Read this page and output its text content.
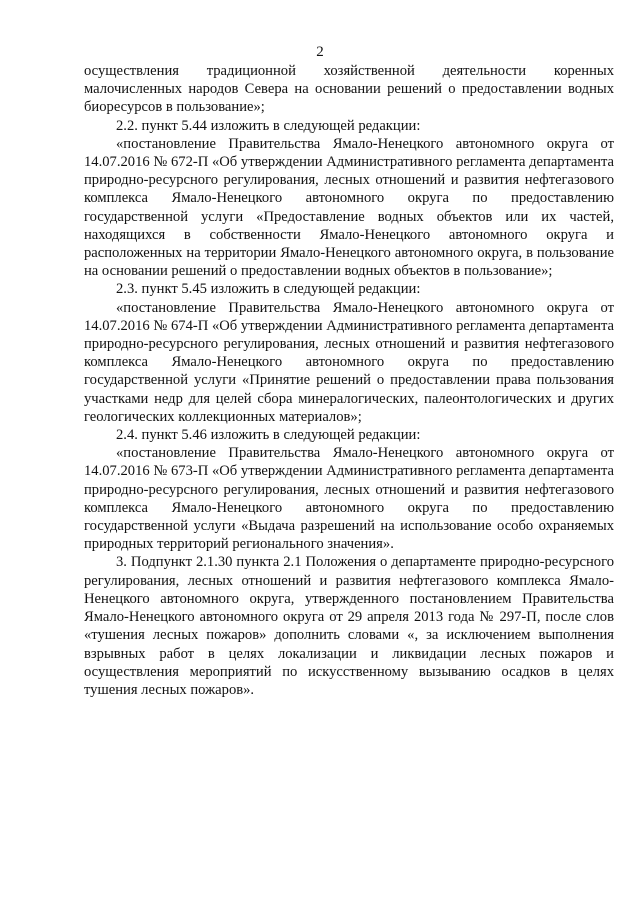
2

осуществления традиционной хозяйственной деятельности коренных малочисленных народов Севера на основании решений о предоставлении водных биоресурсов в пользование»;

2.2. пункт 5.44 изложить в следующей редакции:

«постановление Правительства Ямало-Ненецкого автономного округа от 14.07.2016 № 672-П «Об утверждении Административного регламента департамента природно-ресурсного регулирования, лесных отношений и развития нефтегазового комплекса Ямало-Ненецкого автономного округа по предоставлению государственной услуги «Предоставление водных объектов или их частей, находящихся в собственности Ямало-Ненецкого автономного округа и расположенных на территории Ямало-Ненецкого автономного округа, в пользование на основании решений о предоставлении водных объектов в пользование»;

2.3. пункт 5.45 изложить в следующей редакции:

«постановление Правительства Ямало-Ненецкого автономного округа от 14.07.2016 № 674-П «Об утверждении Административного регламента департамента природно-ресурсного регулирования, лесных отношений и развития нефтегазового комплекса Ямало-Ненецкого автономного округа по предоставлению государственной услуги «Принятие решений о предоставлении права пользования участками недр для целей сбора минералогических, палеонтологических и других геологических коллекционных материалов»;

2.4. пункт 5.46 изложить в следующей редакции:

«постановление Правительства Ямало-Ненецкого автономного округа от 14.07.2016 № 673-П «Об утверждении Административного регламента департамента природно-ресурсного регулирования, лесных отношений и развития нефтегазового комплекса Ямало-Ненецкого автономного округа по предоставлению государственной услуги «Выдача разрешений на использование особо охраняемых природных территорий регионального значения».

3. Подпункт 2.1.30 пункта 2.1 Положения о департаменте природно-ресурсного регулирования, лесных отношений и развития нефтегазового комплекса Ямало-Ненецкого автономного округа, утвержденного постановлением Правительства Ямало-Ненецкого автономного округа от 29 апреля 2013 года № 297-П, после слов «тушения лесных пожаров» дополнить словами «, за исключением выполнения взрывных работ в целях локализации и ликвидации лесных пожаров и осуществления мероприятий по искусственному вызыванию осадков в целях тушения лесных пожаров».
